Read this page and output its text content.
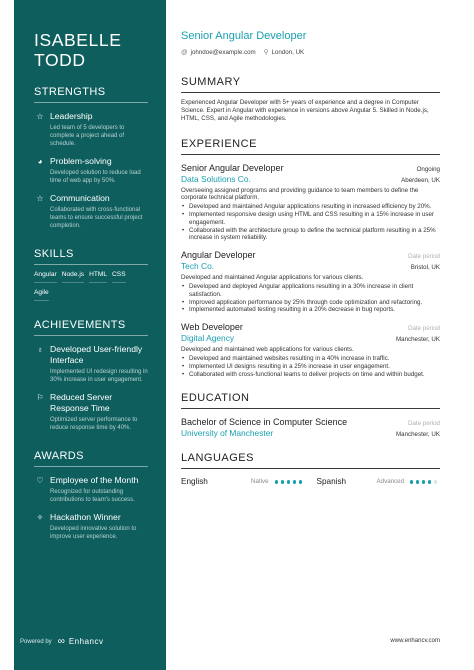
ISABELLE
TODD
STRENGTHS
☆ Leadership
Led team of 5 developers to complete a project ahead of schedule.
◕ Problem-solving
Developed solution to reduce load time of web app by 50%.
☆ Communication
Collaborated with cross-functional teams to ensure successful project completion.
SKILLS
Angular Node.js HTML CSS
Agile
ACHIEVEMENTS
♁ Developed User-friendly Interface
Implemented UI redesign resulting in 30% increase in user engagement.
⚐ Reduced Server Response Time
Optimized server performance to reduce response time by 40%.
AWARDS
♡ Employee of the Month
Recognized for outstanding contributions to team's success.
✧ Hackathon Winner
Developed innovative solution to improve user experience.
Powered by ∞ Enhancv
Senior Angular Developer
@ johndoe@example.com ⚲ London, UK
SUMMARY

Experienced Angular Developer with 5+ years of experience and a degree in Computer Science. Expert in Angular with experience in versions above Angular 5. Skilled in Node.js, HTML, CSS, and Agile methodologies.

EXPERIENCE
Senior Angular Developer	Ongoing
Data Solutions Co.	Aberdeen, UK
Overseeing assigned programs and providing guidance to team members to define the corporate technical platform.
• Developed and maintained Angular applications resulting in increased efficiency by 20%.
• Implemented responsive design using HTML and CSS resulting in a 15% increase in user engagement.
• Collaborated with the architecture group to define the technical platform resulting in a 25% increase in system reliability.
Angular Developer	Date period
Tech Co.	Bristol, UK
Developed and maintained Angular applications for various clients.
• Developed and deployed Angular applications resulting in a 30% increase in client satisfaction.
• Improved application performance by 25% through code optimization and refactoring.
• Implemented automated testing resulting in a 20% decrease in bug reports.
Web Developer	Date period
Digital Agency	Manchester, UK
Developed and maintained web applications for various clients.
• Developed and maintained websites resulting in a 40% increase in traffic.
• Implemented UI designs resulting in a 25% increase in user engagement.
• Collaborated with cross-functional teams to deliver projects on time and within budget.
EDUCATION
Bachelor of Science in Computer Science	Date period
University of Manchester	Manchester, UK
LANGUAGES
English	Native	Spanish	Advanced
www.enhancv.com
